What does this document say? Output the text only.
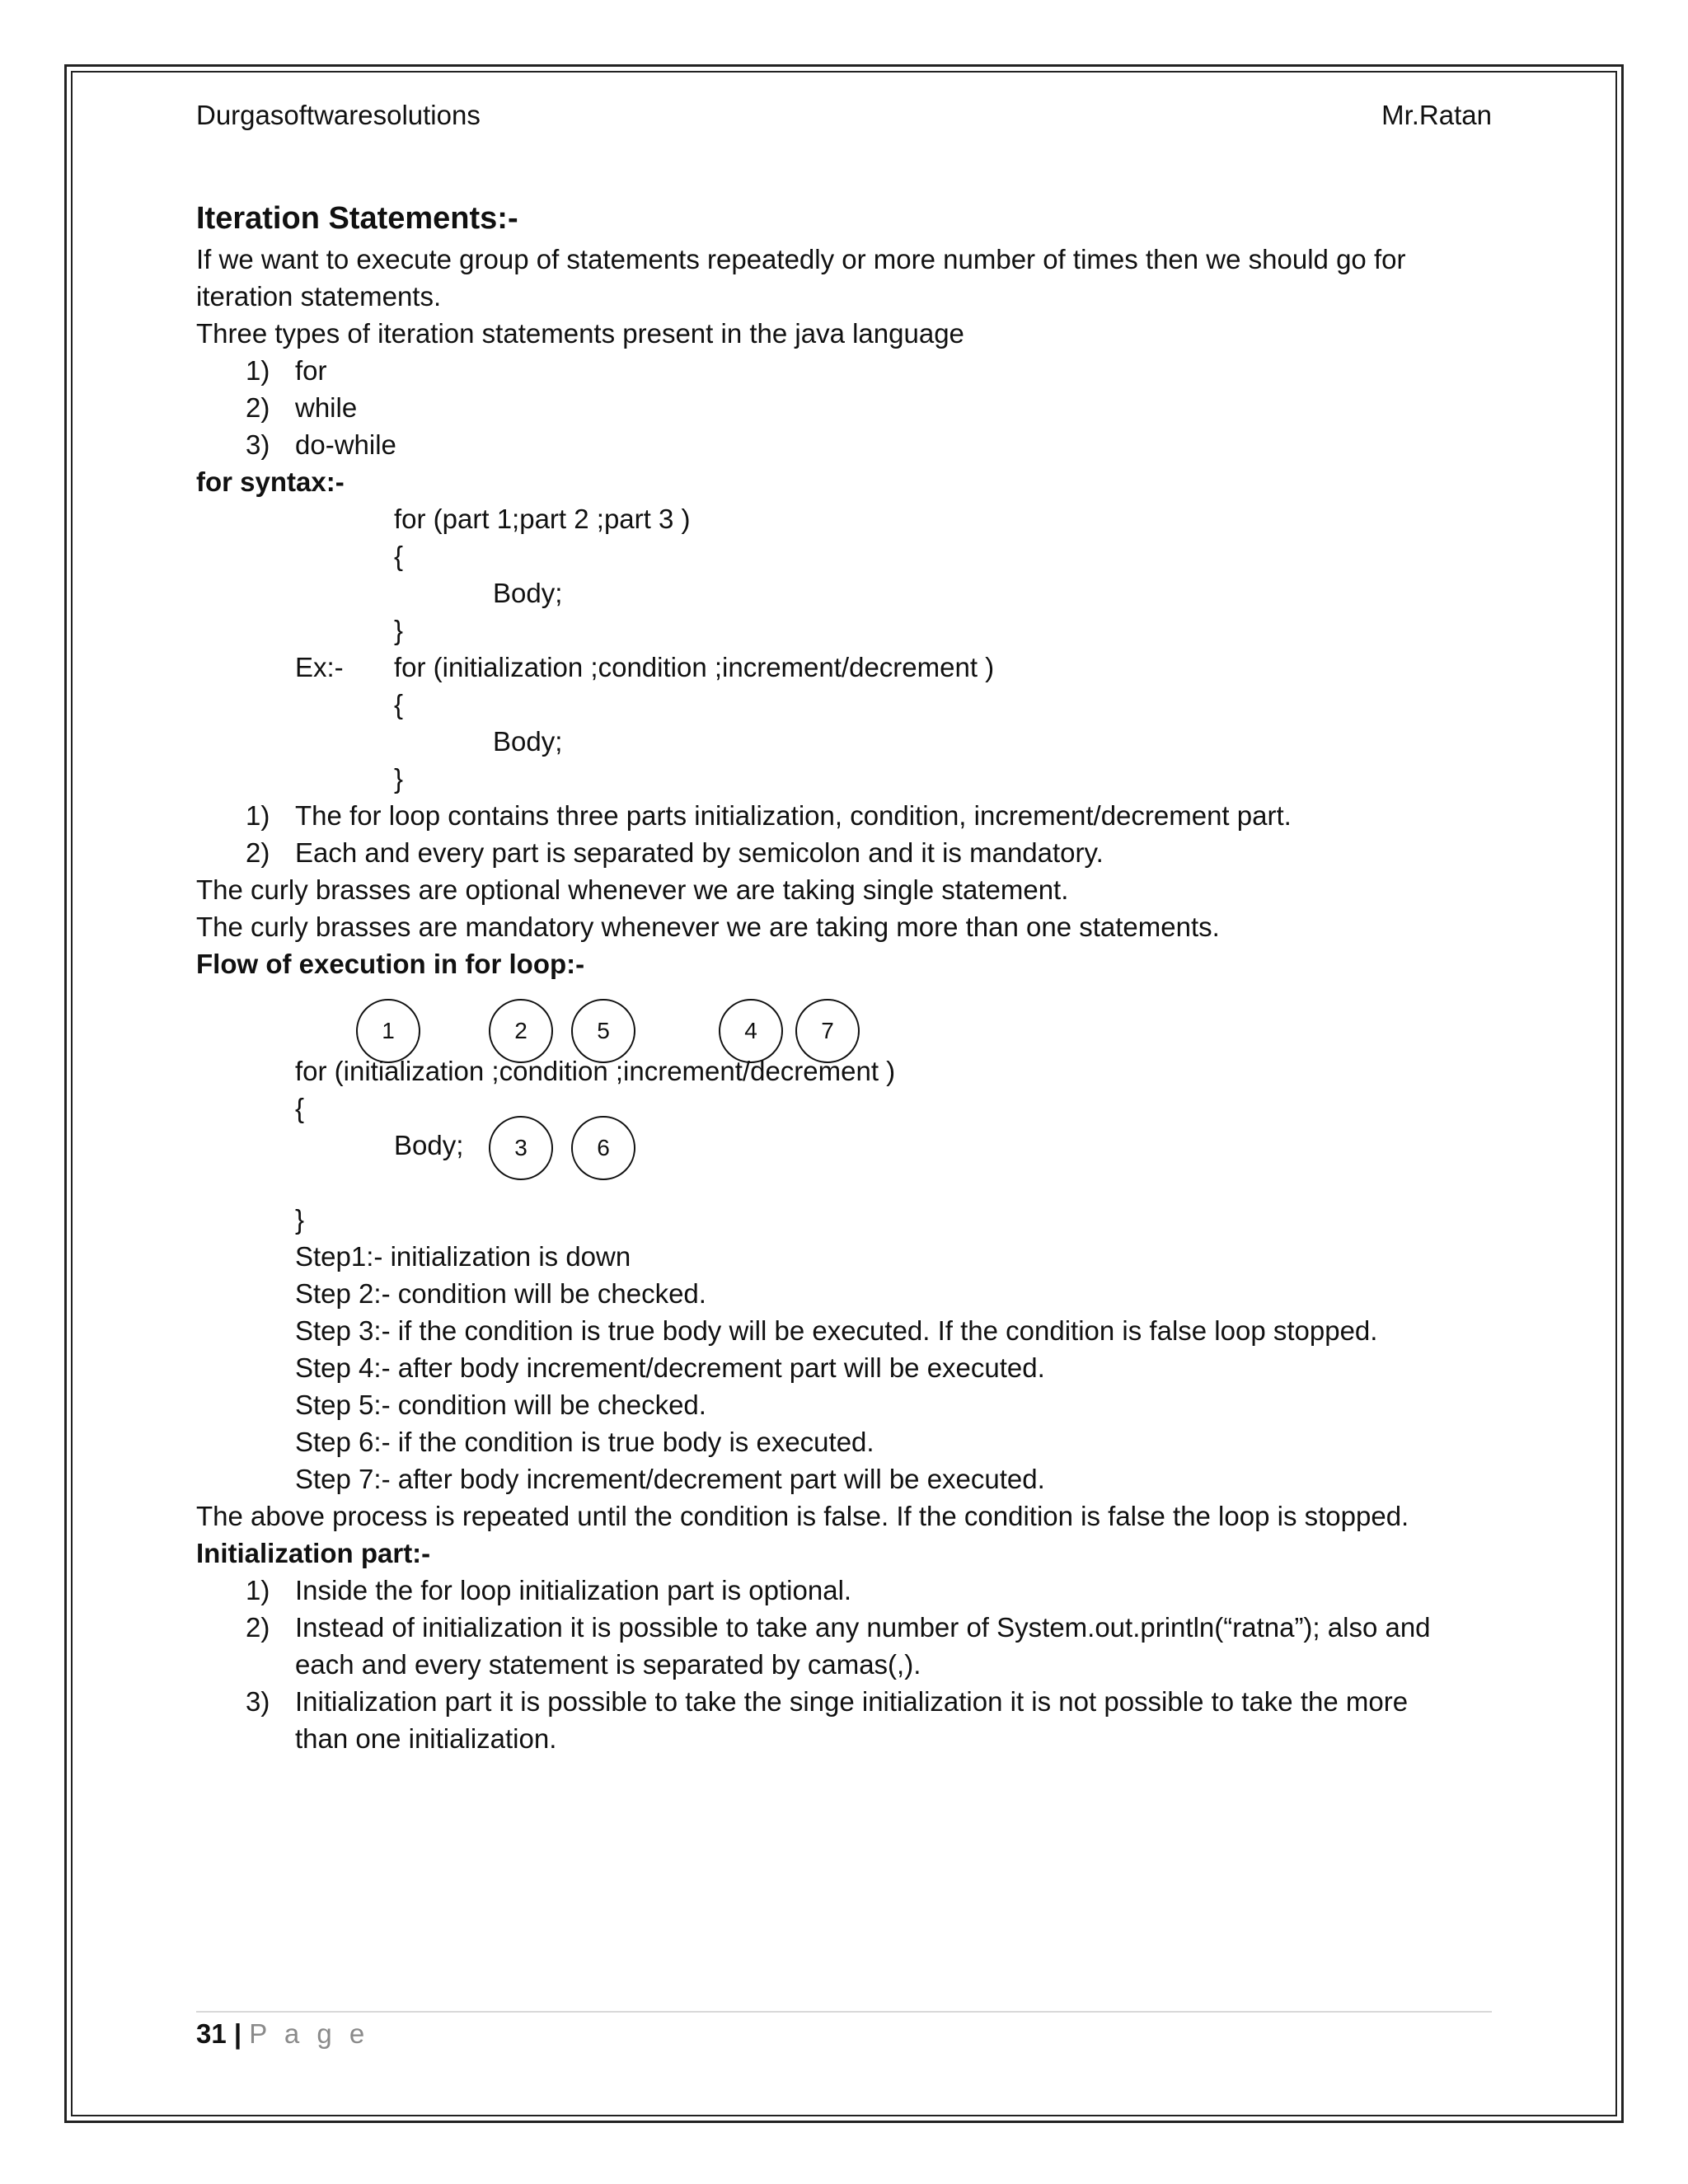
Durgasoftwaresolutions	Mr.Ratan
Iteration Statements:-
If we want to execute group of statements repeatedly or more number of times then we should go for
iteration statements.
Three types of iteration statements present in the java language
1) for
2) while
3) do-while
for syntax:-
for (part 1;part 2 ;part 3 )
{
Body;
}
Ex:- for (initialization ;condition ;increment/decrement )
{
Body;
}
1) The for loop contains three parts initialization, condition, increment/decrement part.
2) Each and every part is separated by semicolon and it is mandatory.
The curly brasses are optional whenever we are taking single statement.
The curly brasses are mandatory whenever we are taking more than one statements.
Flow of execution in for loop:-
1	2	5	4	7
for (initialization ;condition ;increment/decrement )
{
Body;	3	6
}
Step1:- initialization is down
Step 2:- condition will be checked.
Step 3:- if the condition is true body will be executed. If the condition is false loop stopped.
Step 4:- after body increment/decrement part will be executed.
Step 5:- condition will be checked.
Step 6:- if the condition is true body is executed.
Step 7:- after body increment/decrement part will be executed.
The above process is repeated until the condition is false. If the condition is false the loop is stopped.
Initialization part:-
1) Inside the for loop initialization part is optional.
2) Instead of initialization it is possible to take any number of System.out.println(“ratna”); also and
each and every statement is separated by camas(,).
3) Initialization part it is possible to take the singe initialization it is not possible to take the more
than one initialization.
31 | P a g e
